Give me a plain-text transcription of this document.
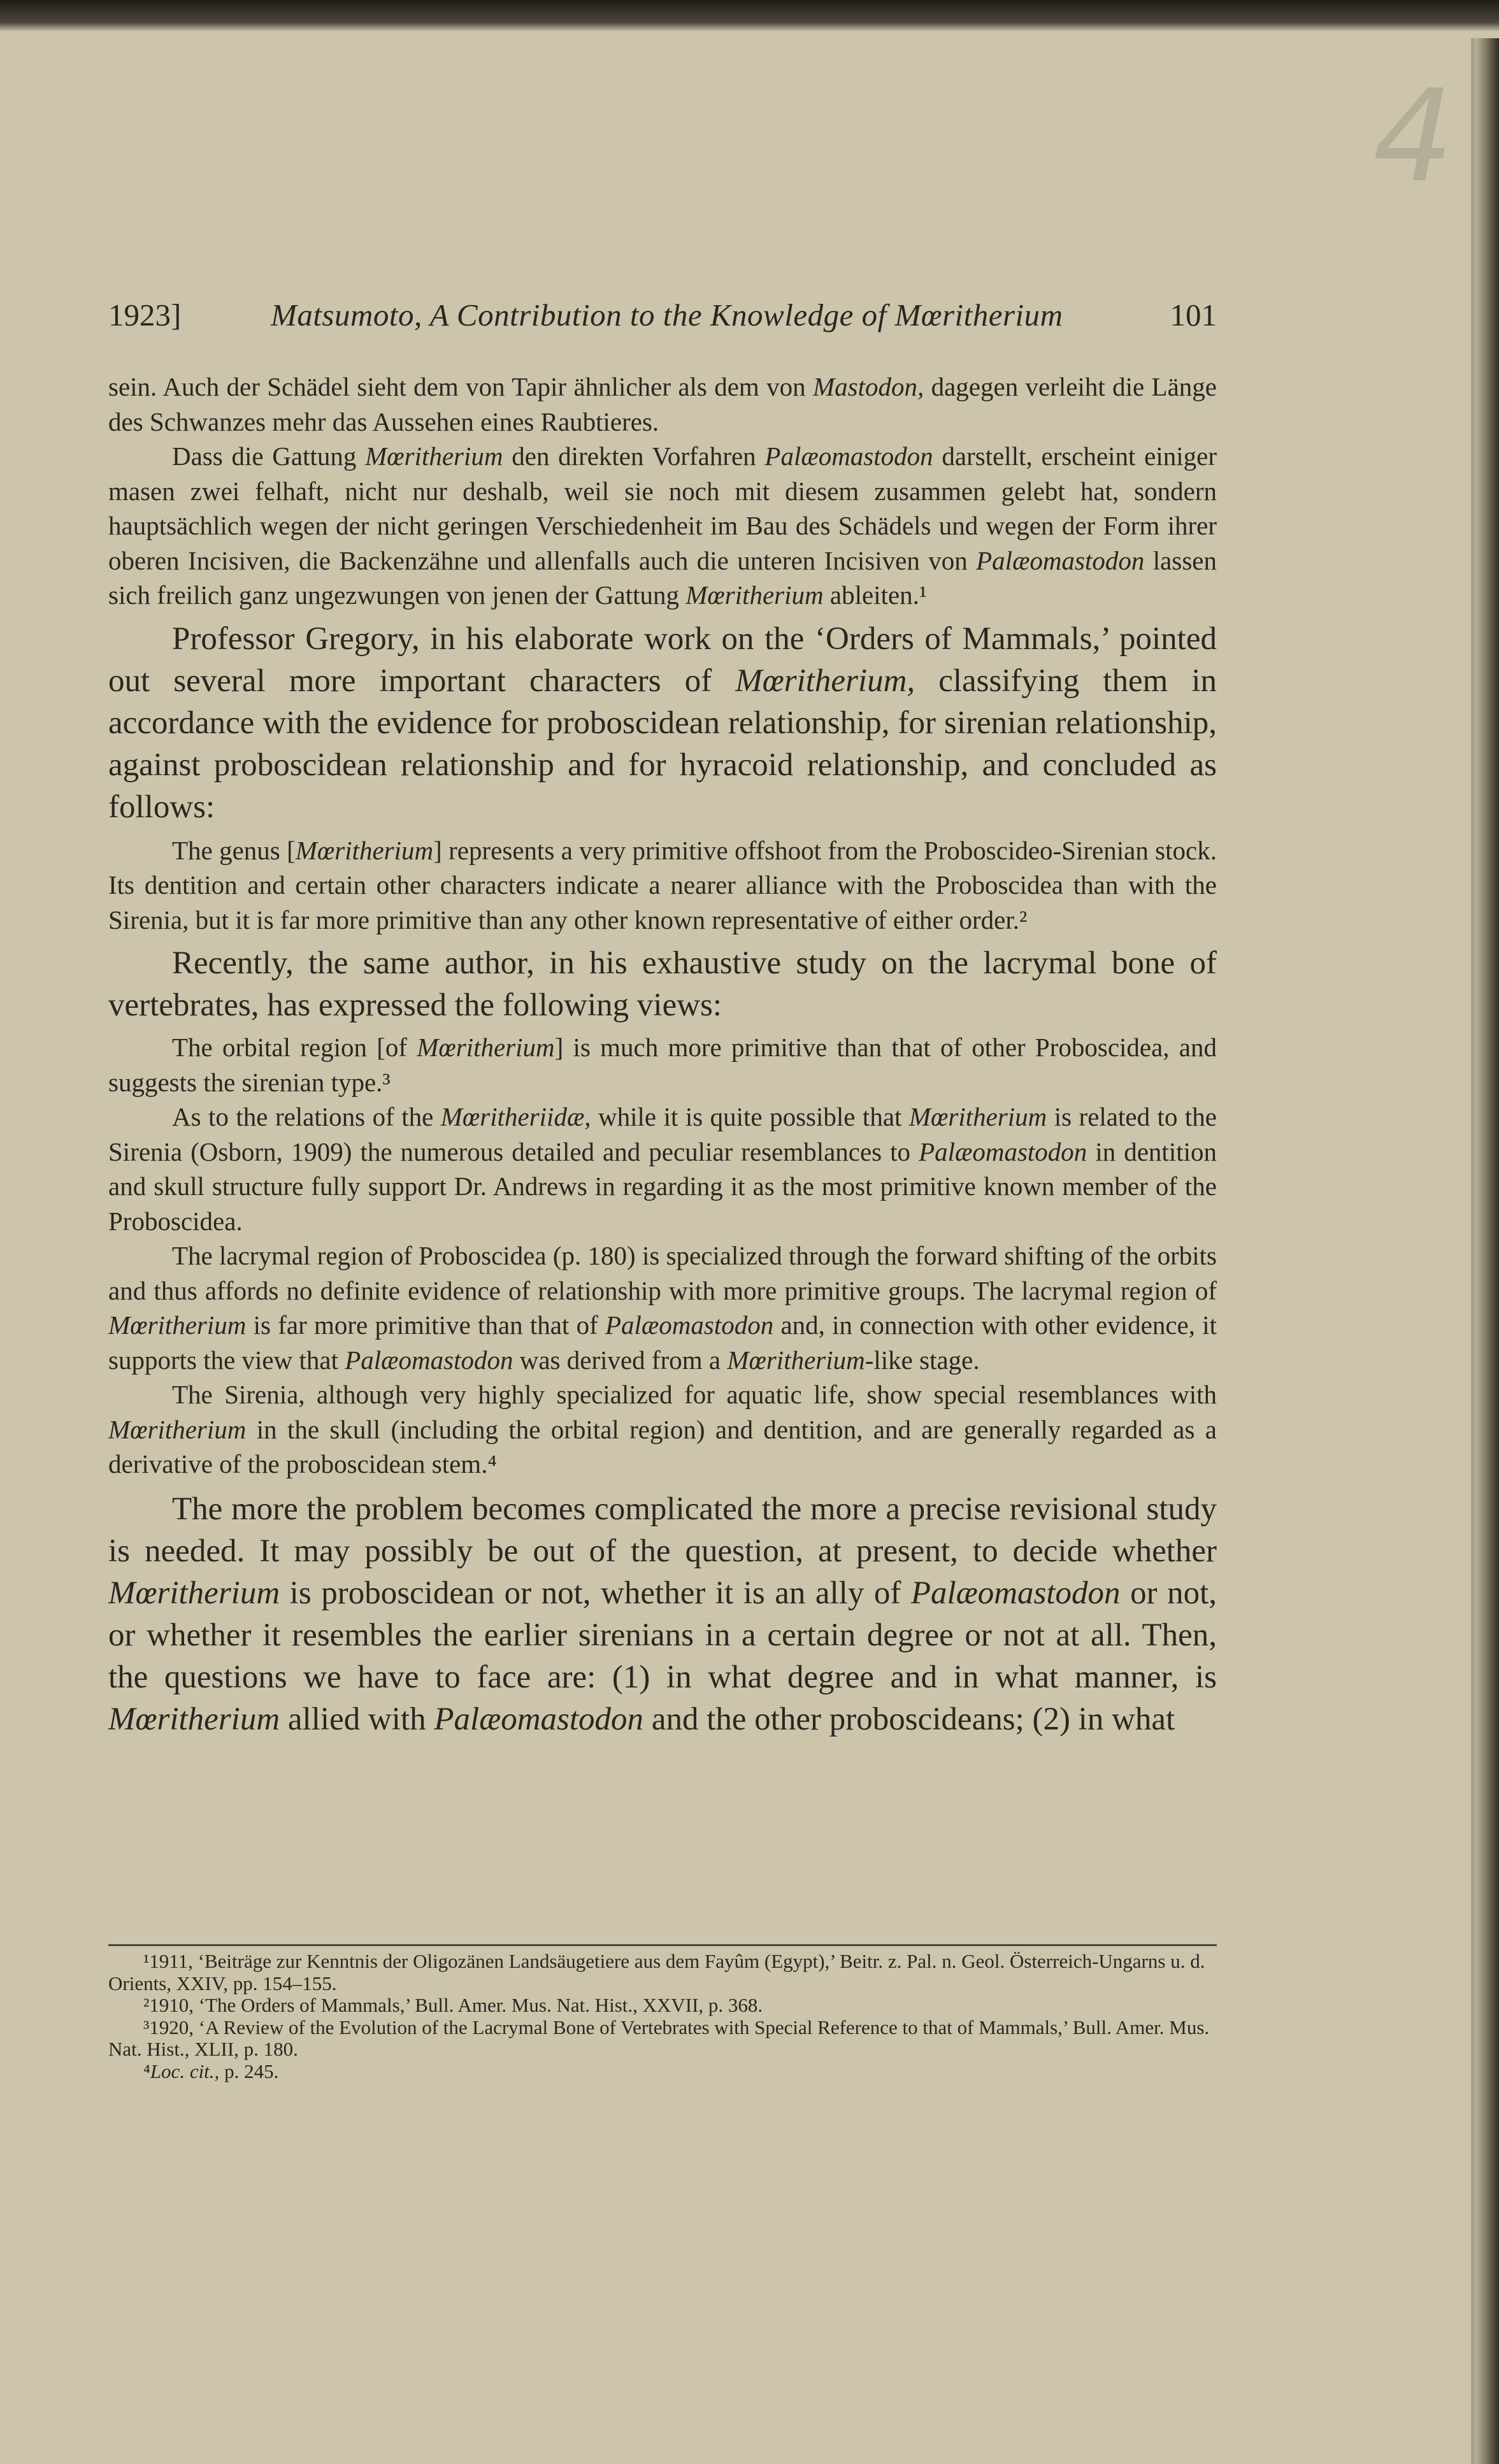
4
1923]	Matsumoto, A Contribution to the Knowledge of Mœritherium	101

sein. Auch der Schädel sieht dem von Tapir ähnlicher als dem von Mastodon, dagegen verleiht die Länge des Schwanzes mehr das Aussehen eines Raubtieres.

Dass die Gattung Mœritherium den direkten Vorfahren Palæomastodon darstellt, erscheint einiger masen zwei felhaft, nicht nur deshalb, weil sie noch mit diesem zusammen gelebt hat, sondern hauptsächlich wegen der nicht geringen Verschiedenheit im Bau des Schädels und wegen der Form ihrer oberen Incisiven, die Backenzähne und allenfalls auch die unteren Incisiven von Palæomastodon lassen sich freilich ganz ungezwungen von jenen der Gattung Mœritherium ableiten.¹

Professor Gregory, in his elaborate work on the ‘Orders of Mammals,’ pointed out several more important characters of Mœritherium, classifying them in accordance with the evidence for proboscidean relationship, for sirenian relationship, against proboscidean relationship and for hyracoid relationship, and concluded as follows:

The genus [Mœritherium] represents a very primitive offshoot from the Proboscideo-Sirenian stock. Its dentition and certain other characters indicate a nearer alliance with the Proboscidea than with the Sirenia, but it is far more primitive than any other known representative of either order.²

Recently, the same author, in his exhaustive study on the lacrymal bone of vertebrates, has expressed the following views:

The orbital region [of Mœritherium] is much more primitive than that of other Proboscidea, and suggests the sirenian type.³

As to the relations of the Mœritheriidæ, while it is quite possible that Mœritherium is related to the Sirenia (Osborn, 1909) the numerous detailed and peculiar resemblances to Palæomastodon in dentition and skull structure fully support Dr. Andrews in regarding it as the most primitive known member of the Proboscidea.

The lacrymal region of Proboscidea (p. 180) is specialized through the forward shifting of the orbits and thus affords no definite evidence of relationship with more primitive groups. The lacrymal region of Mœritherium is far more primitive than that of Palæomastodon and, in connection with other evidence, it supports the view that Palæomastodon was derived from a Mœritherium-like stage.

The Sirenia, although very highly specialized for aquatic life, show special resemblances with Mœritherium in the skull (including the orbital region) and dentition, and are generally regarded as a derivative of the proboscidean stem.⁴

The more the problem becomes complicated the more a precise revisional study is needed. It may possibly be out of the question, at present, to decide whether Mœritherium is proboscidean or not, whether it is an ally of Palæomastodon or not, or whether it resembles the earlier sirenians in a certain degree or not at all. Then, the questions we have to face are: (1) in what degree and in what manner, is Mœritherium allied with Palæomastodon and the other proboscideans; (2) in what

¹1911, ‘Beiträge zur Kenntnis der Oligozänen Landsäugetiere aus dem Fayûm (Egypt),’ Beitr. z. Pal. n. Geol. Österreich-Ungarns u. d. Orients, XXIV, pp. 154–155.

²1910, ‘The Orders of Mammals,’ Bull. Amer. Mus. Nat. Hist., XXVII, p. 368.

³1920, ‘A Review of the Evolution of the Lacrymal Bone of Vertebrates with Special Reference to that of Mammals,’ Bull. Amer. Mus. Nat. Hist., XLII, p. 180.

⁴Loc. cit., p. 245.
